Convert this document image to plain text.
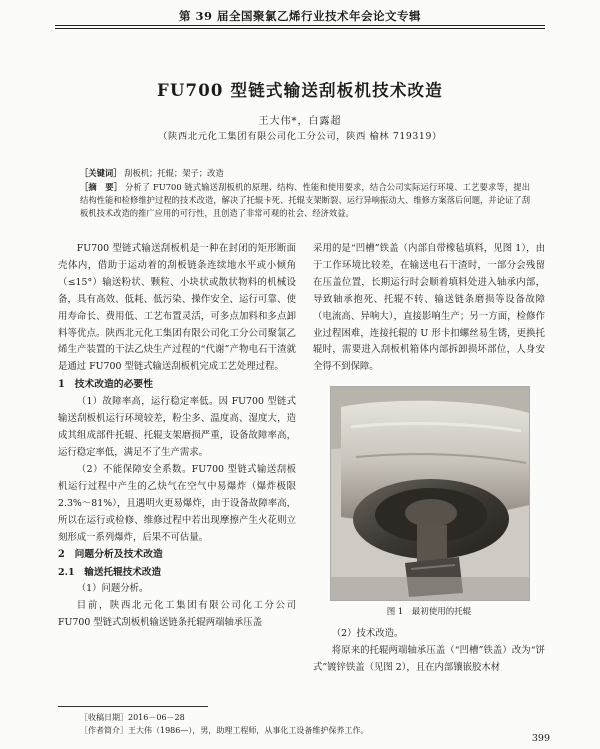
第 39 届全国聚氯乙烯行业技术年会论文专辑
FU700 型链式输送刮板机技术改造
王大伟*，白露超
（陕西北元化工集团有限公司化工分公司，陕西 榆林 719319）
［关键词］ 刮板机；托辊；架子；改造
［摘　要］ 分析了 FU700 链式输送刮板机的原理、结构、性能和使用要求，结合公司实际运行环境、工艺要求等，提出结构性能和检修维护过程的技术改造，解决了托辊卡死、托辊支架断裂、运行异响振动大、维修方案落后问题，并论证了刮板机技术改造的推广应用的可行性，且创造了非常可观的社会、经济效益。

FU700 型链式输送刮板机是一种在封闭的矩形断面壳体内，借助于运动着的刮板链条连续地水平或小倾角（≤15°）输送粉状、颗粒、小块状或散状物料的机械设备，具有高效、低耗、低污染、操作安全、运行可靠、使用寿命长、费用低、工艺布置灵活，可多点加料和多点卸料等优点。陕西北元化工集团有限公司化工分公司聚氯乙烯生产装置的干法乙炔生产过程的“代谢”产物电石干渣就是通过 FU700 型链式输送刮板机完成工艺处理过程。

1　技术改造的必要性

（1）故障率高，运行稳定率低。因 FU700 型链式输送刮板机运行环境较差，粉尘多、温度高、湿度大，造成其组成部件托辊、托辊支架磨损严重，设备故障率高，运行稳定率低，满足不了生产需求。

（2）不能保障安全系数。FU700 型链式输送刮板机运行过程中产生的乙炔气在空气中易爆炸（爆炸极限 2.3%～81%），且遇明火更易爆炸，由于设备故障率高，所以在运行或检修、维修过程中若出现摩擦产生火花则立刻形成一系列爆炸，后果不可估量。

2　问题分析及技术改造
2.1　输送托辊技术改造

（1）问题分析。

目前，陕西北元化工集团有限公司化工分公司 FU700 型链式刮板机输送链条托辊两端轴承压盖

采用的是“凹槽”铁盖（内部自带橡毡填料，见图 1），由于工作环境比较差，在输送电石干渣时，一部分会残留在压盖位置，长期运行时会顺着填料处进入轴承内部，导致轴承抱死、托辊不转、输送链条磨损等设备故障（电流高、异响大），直接影响生产；另一方面，检修作业过程困难，连接托辊的 U 形卡扣螺丝易生锈，更换托辊时，需要进入刮板机箱体内部拆卸损坏部位，人身安全得不到保障。

图 1　最初使用的托辊

（2）技术改造。

将原来的托辊两端轴承压盖（“凹槽”铁盖）改为“饼式”镀锌铁盖（见图 2），且在内部镶嵌胶木材

［收稿日期］2016－06－28
［作者简介］王大伟（1986—），男，助理工程师，从事化工设备维护保养工作。
399
